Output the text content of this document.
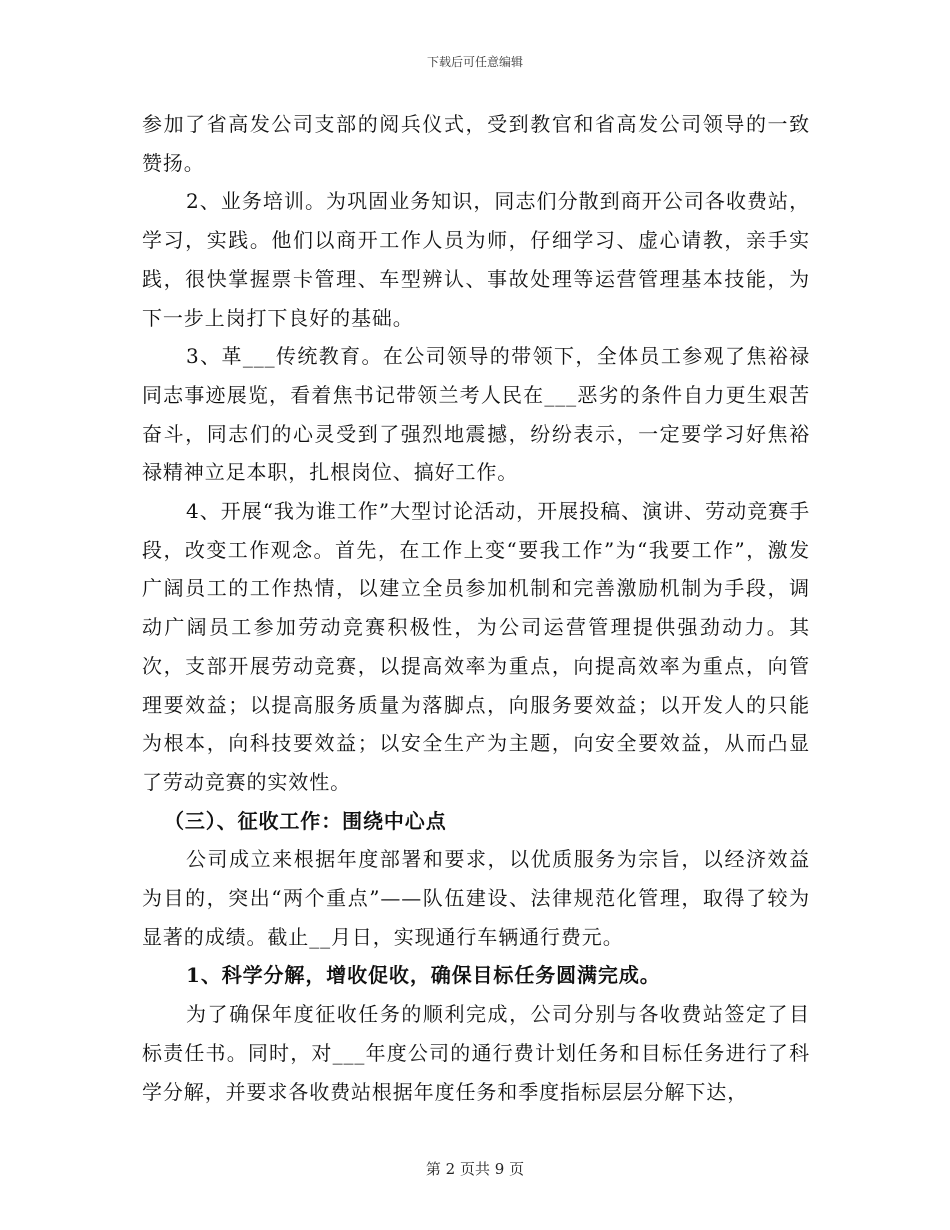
下载后可任意编辑

参加了省高发公司支部的阅兵仪式，受到教官和省高发公司领导的一致赞扬。

2、业务培训。为巩固业务知识，同志们分散到商开公司各收费站，学习，实践。他们以商开工作人员为师，仔细学习、虚心请教，亲手实践，很快掌握票卡管理、车型辨认、事故处理等运营管理基本技能，为下一步上岗打下良好的基础。

3、革___传统教育。在公司领导的带领下，全体员工参观了焦裕禄同志事迹展览，看着焦书记带领兰考人民在___恶劣的条件自力更生艰苦奋斗，同志们的心灵受到了强烈地震撼，纷纷表示，一定要学习好焦裕禄精神立足本职，扎根岗位、搞好工作。

4、开展“我为谁工作”大型讨论活动，开展投稿、演讲、劳动竞赛手段，改变工作观念。首先，在工作上变“要我工作”为“我要工作”，激发广阔员工的工作热情，以建立全员参加机制和完善激励机制为手段，调动广阔员工参加劳动竞赛积极性，为公司运营管理提供强劲动力。其次，支部开展劳动竞赛，以提高效率为重点，向提高效率为重点，向管理要效益；以提高服务质量为落脚点，向服务要效益；以开发人的只能为根本，向科技要效益；以安全生产为主题，向安全要效益，从而凸显了劳动竞赛的实效性。

（三）、征收工作：围绕中心点

公司成立来根据年度部署和要求，以优质服务为宗旨，以经济效益为目的，突出“两个重点”——队伍建设、法律规范化管理，取得了较为显著的成绩。截止__月日，实现通行车辆通行费元。

1、科学分解，增收促收，确保目标任务圆满完成。

为了确保年度征收任务的顺利完成，公司分别与各收费站签定了目标责任书。同时，对___年度公司的通行费计划任务和目标任务进行了科学分解，并要求各收费站根据年度任务和季度指标层层分解下达，

第 2 页共 9 页
